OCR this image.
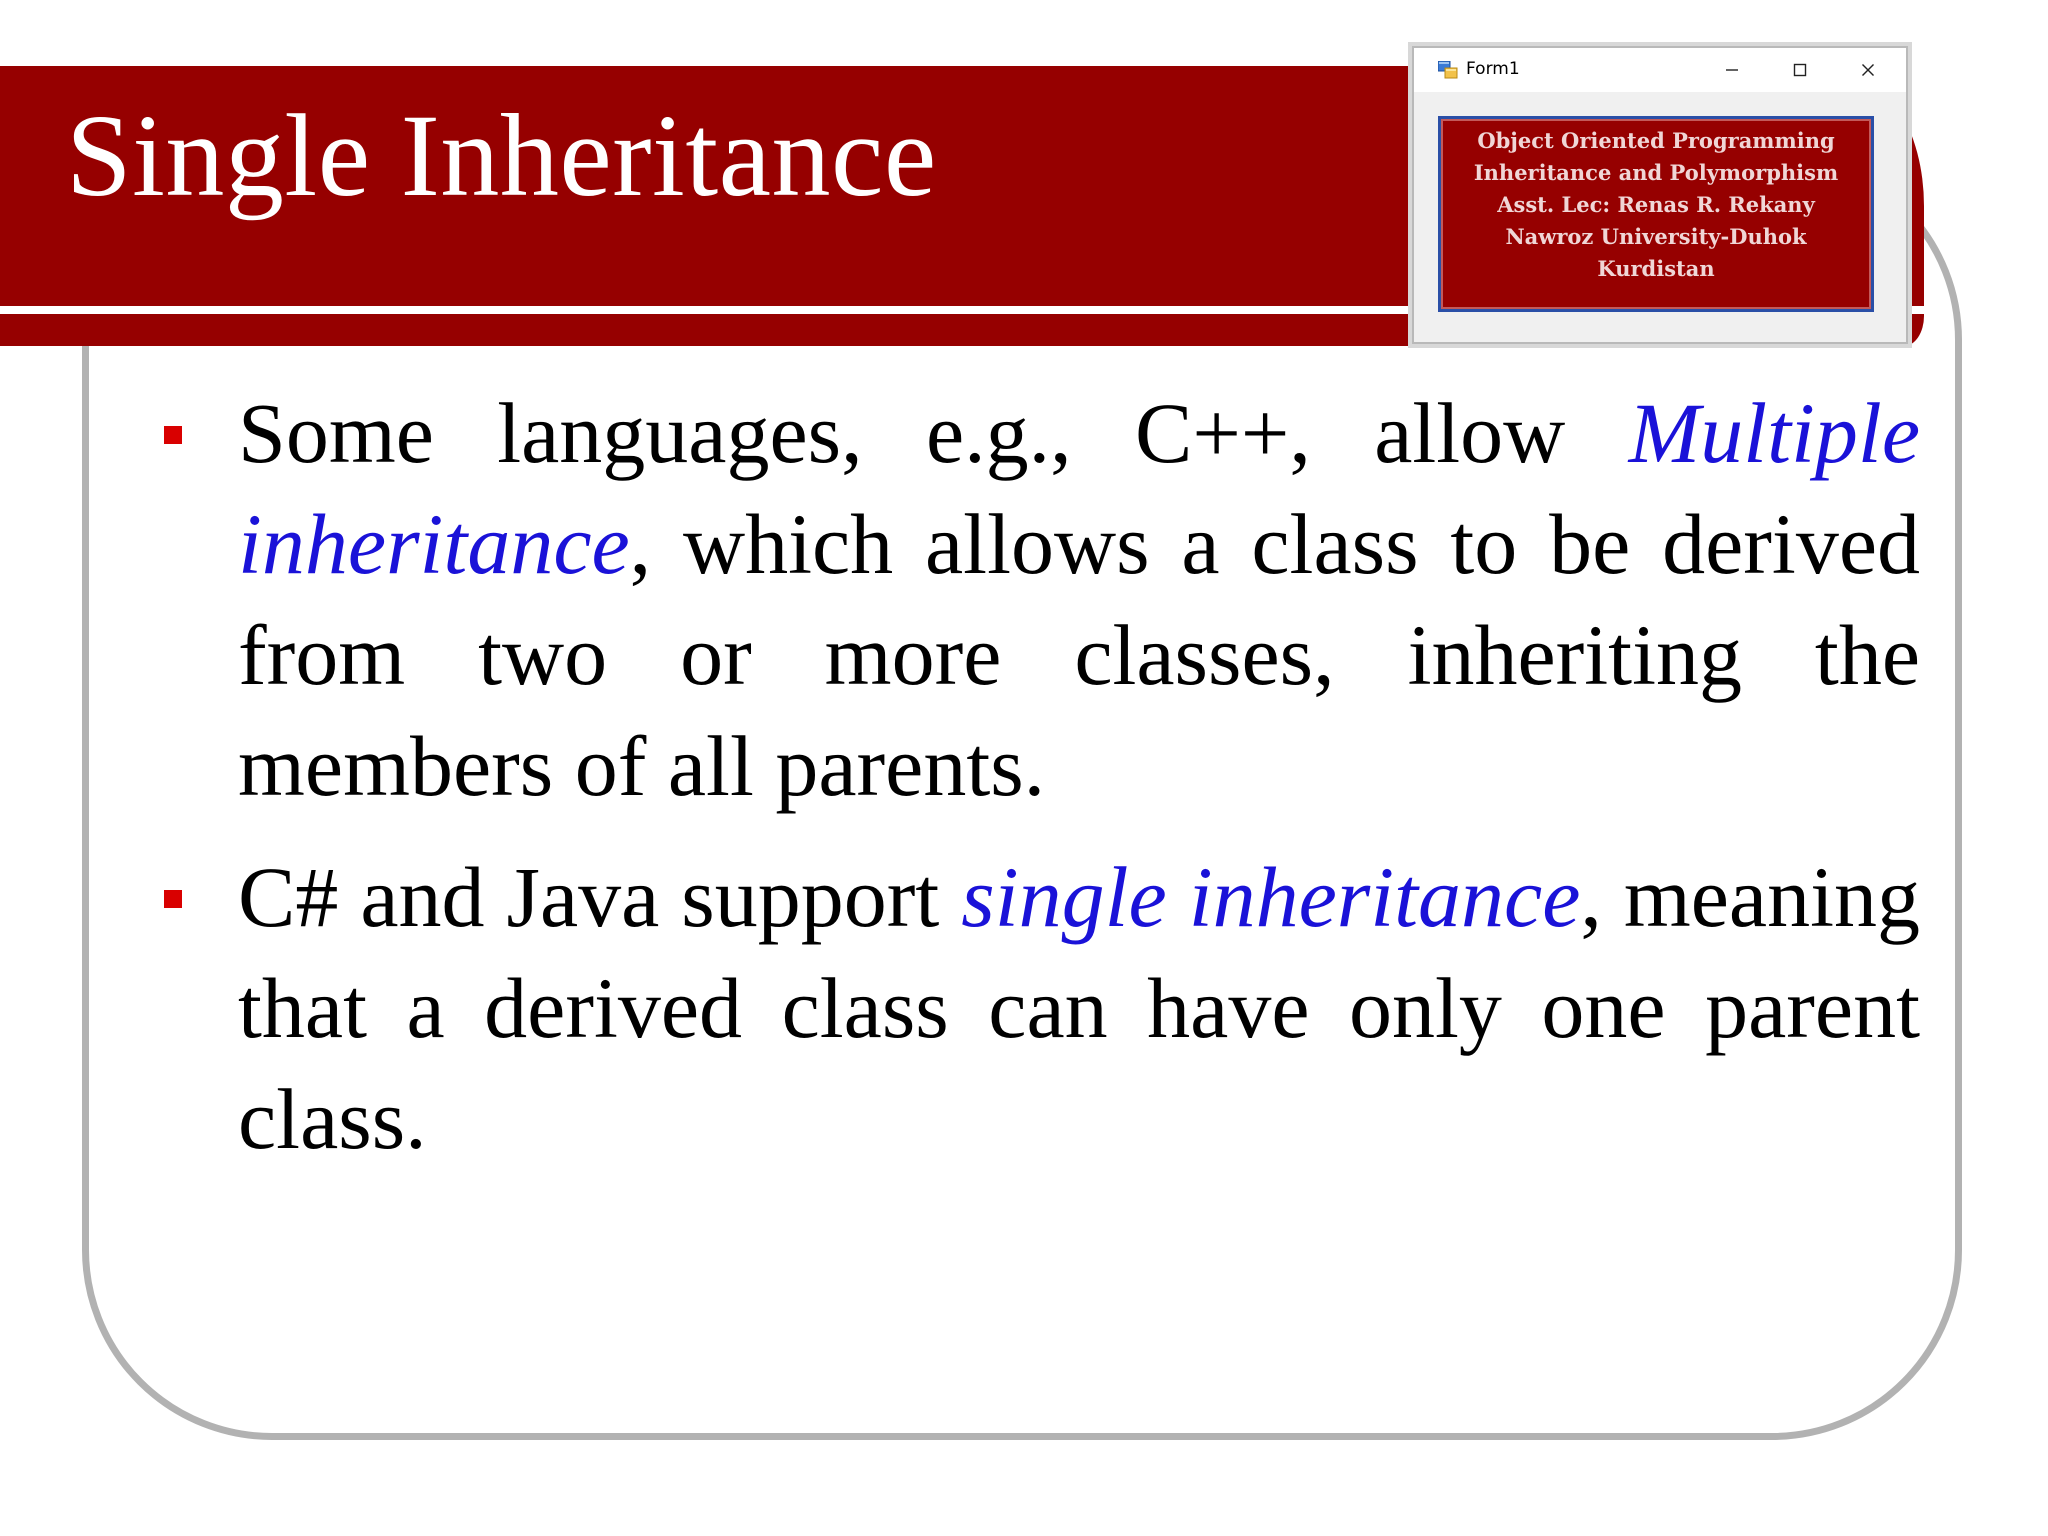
Single Inheritance

Some languages, e.g., C++, allow Multiple inheritance, which allows a class to be derived from two or more classes, inheriting the members of all parents.

C# and Java support single inheritance, meaning that a derived class can have only one parent class.

Form1
Object Oriented Programming
Inheritance and Polymorphism
Asst. Lec: Renas R. Rekany
Nawroz University-Duhok
Kurdistan
